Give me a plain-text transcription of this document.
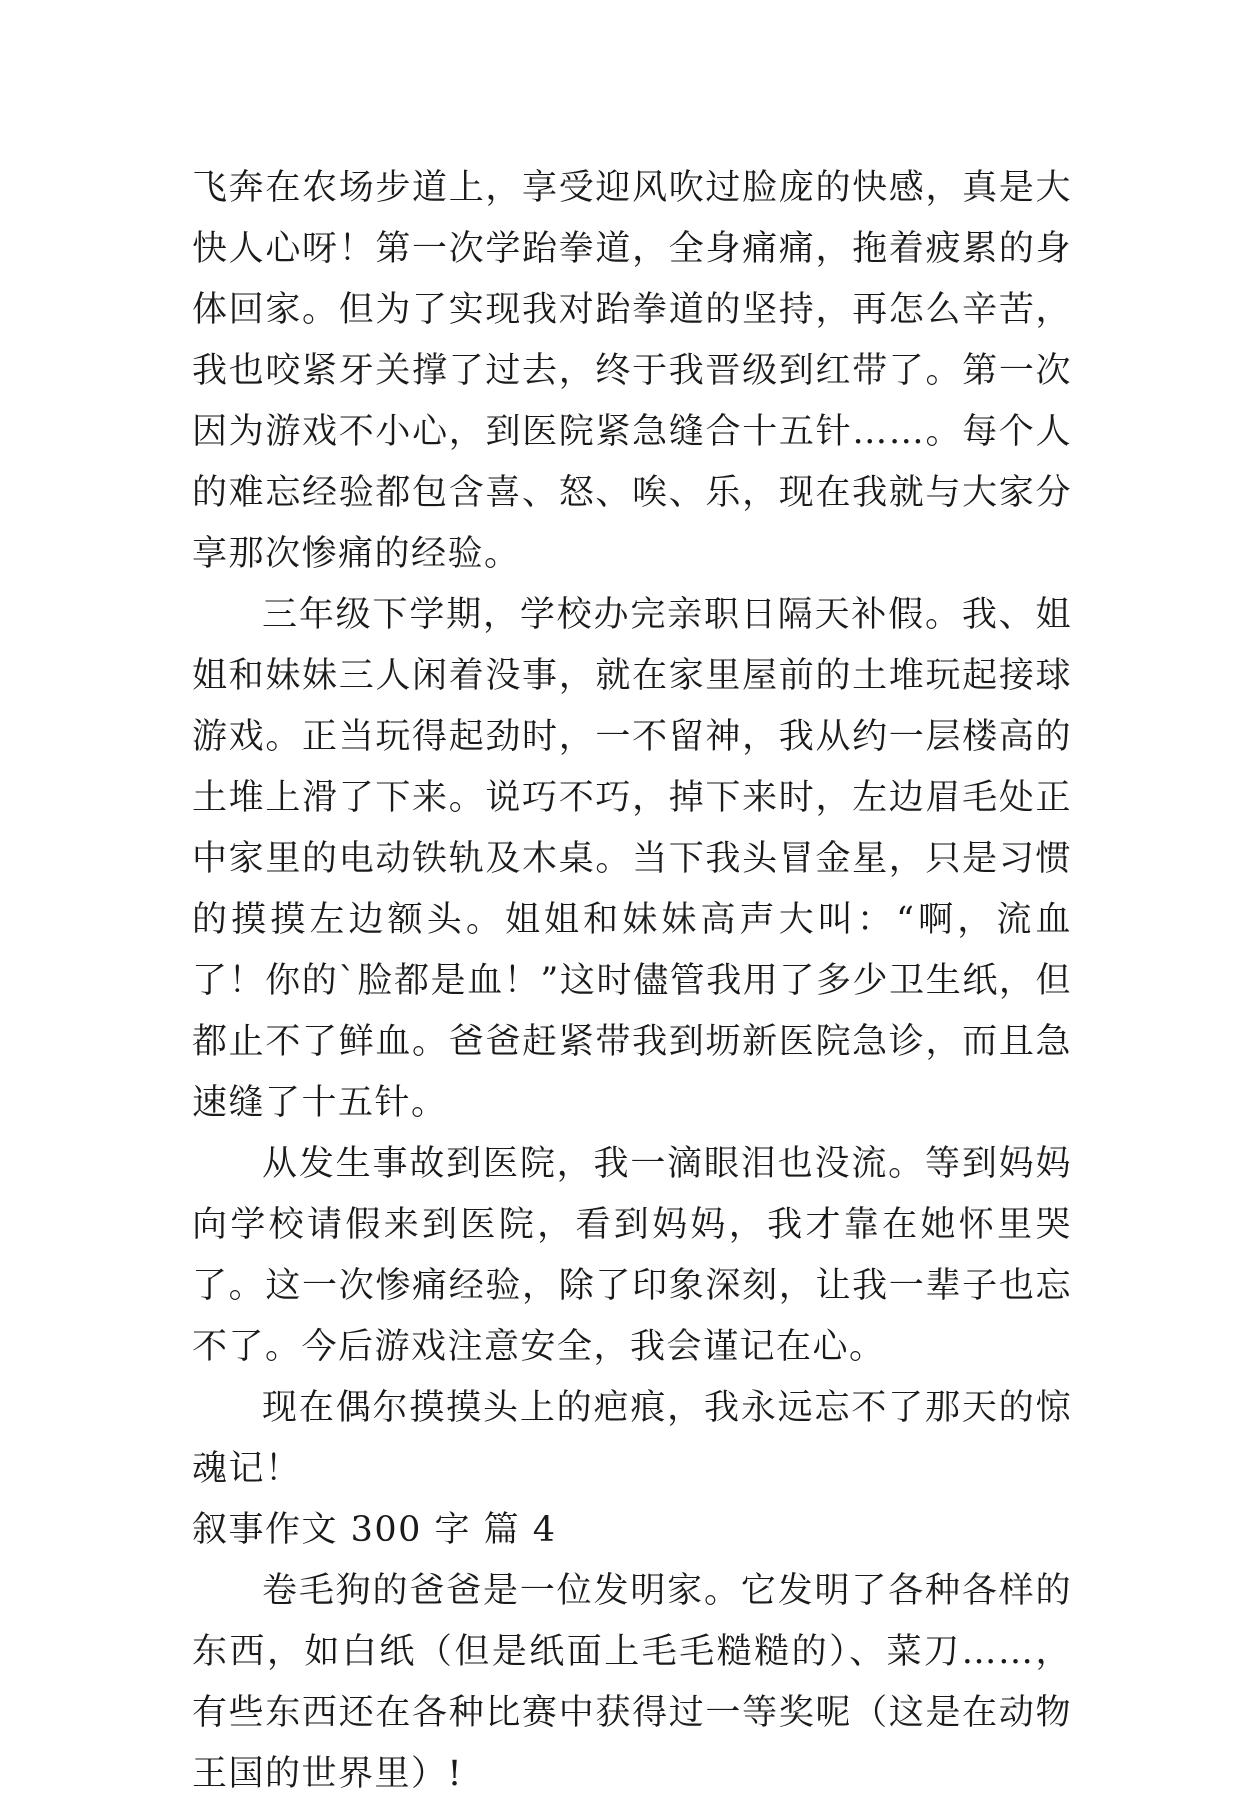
飞奔在农场步道上，享受迎风吹过脸庞的快感，真是大快人心呀！第一次学跆拳道，全身痛痛，拖着疲累的身体回家。但为了实现我对跆拳道的坚持，再怎么辛苦，我也咬紧牙关撑了过去，终于我晋级到红带了。第一次因为游戏不小心，到医院紧急缝合十五针……。每个人的难忘经验都包含喜、怒、唉、乐，现在我就与大家分享那次惨痛的经验。

三年级下学期，学校办完亲职日隔天补假。我、姐姐和妹妹三人闲着没事，就在家里屋前的土堆玩起接球游戏。正当玩得起劲时，一不留神，我从约一层楼高的土堆上滑了下来。说巧不巧，掉下来时，左边眉毛处正中家里的电动铁轨及木桌。当下我头冒金星，只是习惯的摸摸左边额头。姐姐和妹妹高声大叫：“啊，流血了！你的`脸都是血！”这时儘管我用了多少卫生纸，但都止不了鲜血。爸爸赶紧带我到坜新医院急诊，而且急速缝了十五针。

从发生事故到医院，我一滴眼泪也没流。等到妈妈向学校请假来到医院，看到妈妈，我才靠在她怀里哭了。这一次惨痛经验，除了印象深刻，让我一辈子也忘不了。今后游戏注意安全，我会谨记在心。

现在偶尔摸摸头上的疤痕，我永远忘不了那天的惊魂记！

叙事作文 300 字 篇 4

卷毛狗的爸爸是一位发明家。它发明了各种各样的东西，如白纸（但是纸面上毛毛糙糙的）、菜刀……，有些东西还在各种比赛中获得过一等奖呢（这是在动物王国的世界里）!
